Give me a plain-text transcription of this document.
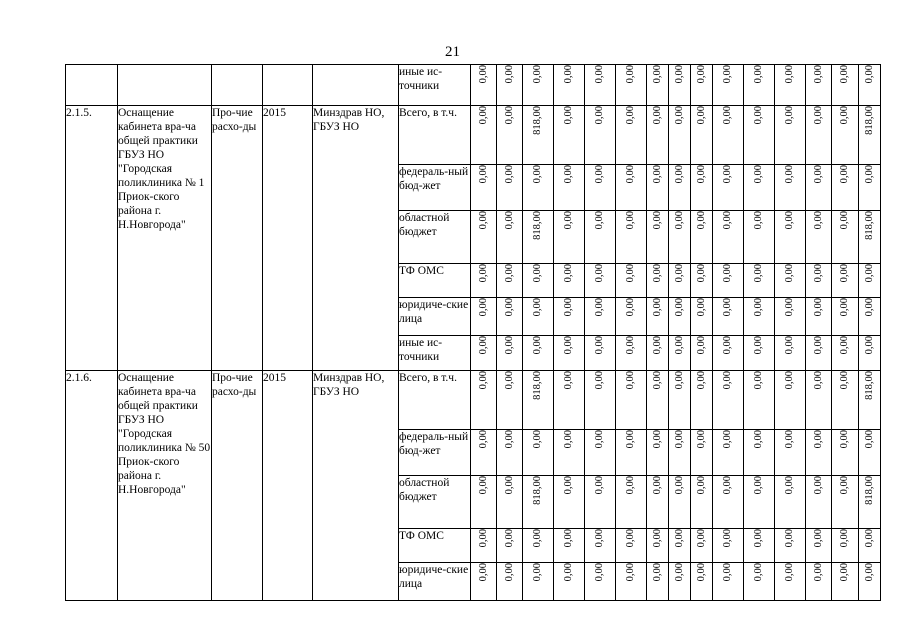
21

					иные ис-
точники	0,00	0,00	0,00	0,00	0,00	0,00	0,00	0,00	0,00	0,00	0,00	0,00	0,00	0,00	0,00

2.1.5.	Оснащение кабинета вра-ча общей практики ГБУЗ НО "Городская поликлиника № 1 Приок-ского района г. Н.Новгорода"	Про-чие расхо-ды	2015	Минздрав НО, ГБУЗ НО	Всего, в т.ч.	0,00	0,00	818,00	0,00	0,00	0,00	0,00	0,00	0,00	0,00	0,00	0,00	0,00	0,00	818,00

					федераль-ный бюд-жет	0,00	0,00	0,00	0,00	0,00	0,00	0,00	0,00	0,00	0,00	0,00	0,00	0,00	0,00	0,00

					областной бюджет	0,00	0,00	818,00	0,00	0,00	0,00	0,00	0,00	0,00	0,00	0,00	0,00	0,00	0,00	818,00

					ТФ ОМС	0,00	0,00	0,00	0,00	0,00	0,00	0,00	0,00	0,00	0,00	0,00	0,00	0,00	0,00	0,00

					юридиче-ские лица	0,00	0,00	0,00	0,00	0,00	0,00	0,00	0,00	0,00	0,00	0,00	0,00	0,00	0,00	0,00

					иные ис-точники	0,00	0,00	0,00	0,00	0,00	0,00	0,00	0,00	0,00	0,00	0,00	0,00	0,00	0,00	0,00

2.1.6.	Оснащение кабинета вра-ча общей практики ГБУЗ НО "Городская поликлиника № 50 Приок-ского района г. Н.Новгорода"	Про-чие расхо-ды	2015	Минздрав НО, ГБУЗ НО	Всего, в т.ч.	0,00	0,00	818,00	0,00	0,00	0,00	0,00	0,00	0,00	0,00	0,00	0,00	0,00	0,00	818,00

					федераль-ный бюд-жет	0,00	0,00	0,00	0,00	0,00	0,00	0,00	0,00	0,00	0,00	0,00	0,00	0,00	0,00	0,00

					областной бюджет	0,00	0,00	818,00	0,00	0,00	0,00	0,00	0,00	0,00	0,00	0,00	0,00	0,00	0,00	818,00

					ТФ ОМС	0,00	0,00	0,00	0,00	0,00	0,00	0,00	0,00	0,00	0,00	0,00	0,00	0,00	0,00	0,00

					юридиче-ские лица	0,00	0,00	0,00	0,00	0,00	0,00	0,00	0,00	0,00	0,00	0,00	0,00	0,00	0,00	0,00
